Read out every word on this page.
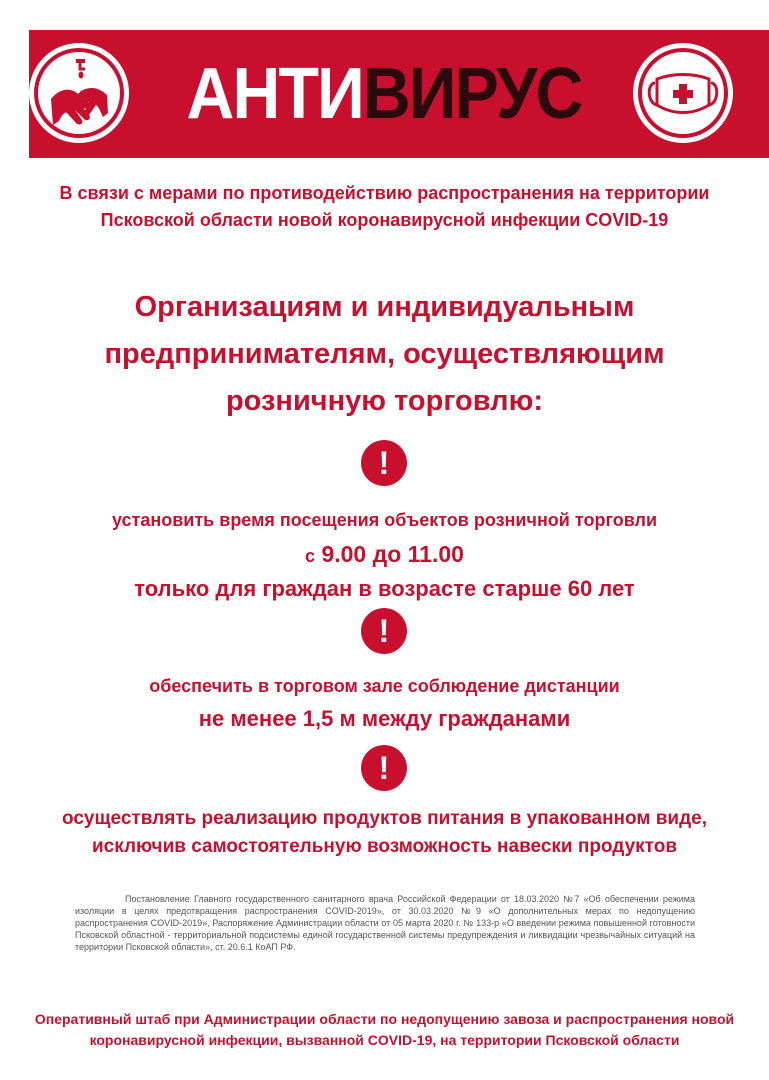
АНТИ ВИРУС
В связи с мерами по противодействию распространения на территории
Псковской области новой коронавирусной инфекции COVID-19
Организациям и индивидуальным
предпринимателям, осуществляющим
розничную торговлю:
!
установить время посещения объектов розничной торговли
с 9.00 до 11.00
только для граждан в возрасте старше 60 лет
!
обеспечить в торговом зале соблюдение дистанции
не менее 1,5 м между гражданами
!
осуществлять реализацию продуктов питания в упакованном виде,
исключив самостоятельную возможность навески продуктов
Постановление Главного государственного санитарного врача Российской Федерации от 18.03.2020 №7 «Об обеспечении режима изоляции в целях предотвращения распространения COVID-2019», от 30.03.2020 №9 «О дополнительных мерах по недопущению распространения COVID-2019», Распоряжение Администрации области от 05 марта 2020 г. № 133-р «О введении режима повышенной готовности Псковской областной - территориальной подсистемы единой государственной системы предупреждения и ликвидации чрезвычайных ситуаций на территории Псковской области», ст. 20.6.1 КоАП РФ.
Оперативный штаб при Администрации области по недопущению завоза и распространения новой
коронавирусной инфекции, вызванной COVID-19, на территории Псковской области
